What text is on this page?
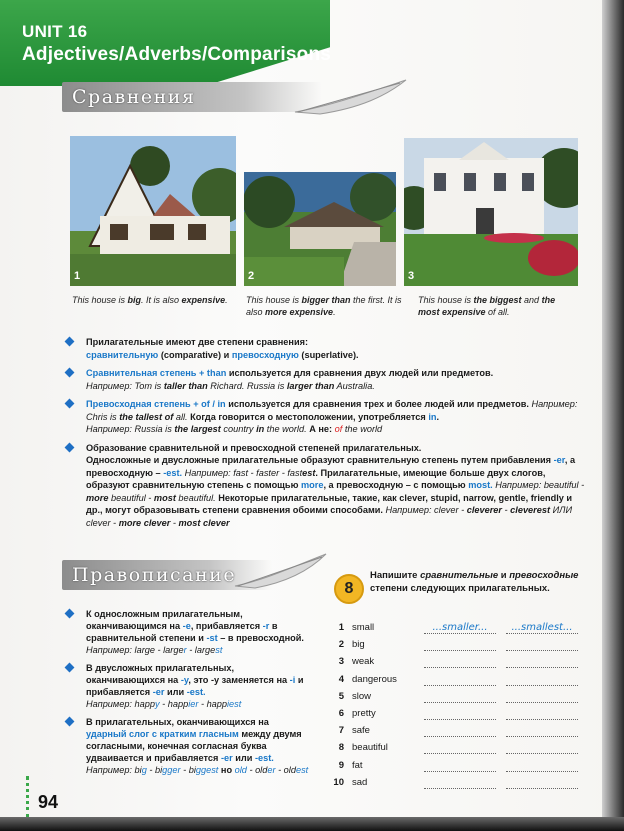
UNIT 16
Adjectives/Adverbs/Comparisons
Сравнения
1	2	3
This house is big. It is also expensive.	This house is bigger than the first. It is also more expensive.
This house is the biggest and the most expensive of all.
Прилагательные имеют две степени сравнения:
сравнительную (comparative) и превосходную (superlative).
Сравнительная степень + than используется для сравнения двух людей или предметов.
Например: Tom is taller than Richard. Russia is larger than Australia.
Превосходная степень + of / in используется для сравнения трех и более людей или предметов. Например: Chris is the tallest of all. Когда говорится о местоположении, употребляется in.
Например: Russia is the largest country in the world. А не: of the world
Образование сравнительной и превосходной степеней прилагательных.
Односложные и двусложные прилагательные образуют сравнительную степень путем прибавления -er, а превосходную – -est. Например: fast - faster - fastest. Прилагательные, имеющие больше двух слогов, образуют сравнительную степень с помощью more, а превосходную – с помощью most. Например: beautiful - more beautiful - most beautiful. Некоторые прилагательные, такие, как clever, stupid, narrow, gentle, friendly и др., могут образовывать степени сравнения обоими способами. Например: clever - cleverer - cleverest ИЛИ clever - more clever - most clever
Правописание
К односложным прилагательным, оканчивающимся на -e, прибавляется -r в сравнительной степени и -st – в превосходной.
Например: large - larger - largest
В двусложных прилагательных, оканчивающихся на -y, это -y заменяется на -i и прибавляется -er или -est.
Например: happy - happier - happiest
В прилагательных, оканчивающихся на ударный слог с кратким гласным между двумя согласными, конечная согласная буква удваивается и прибавляется -er или -est. Например: big - bigger - biggest но old - older - oldest
8
Напишите сравнительные и превосходные степени следующих прилагательных.
1 small	...smaller...	...smallest...
2 big
3 weak
4 dangerous
5 slow
6 pretty
7 safe
8 beautiful
9 fat
10 sad
94
